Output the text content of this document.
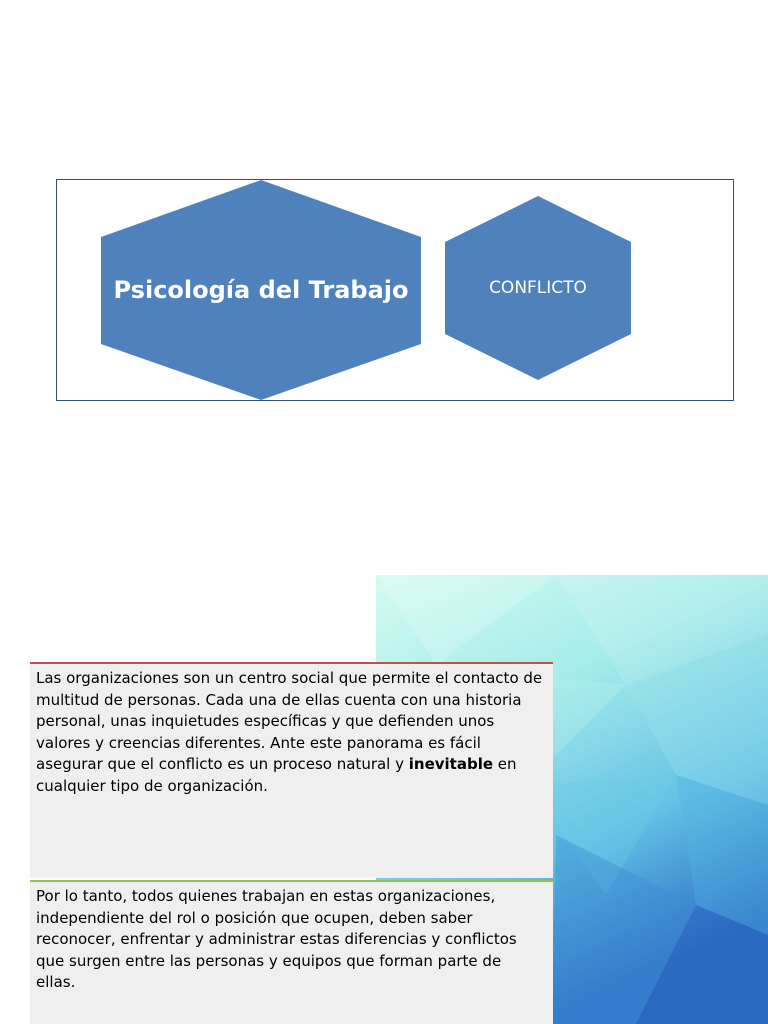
Psicología del Trabajo	CONFLICTO
Las organizaciones son un centro social que permite el contacto de multitud de personas. Cada una de ellas cuenta con una historia personal, unas inquietudes específicas y que defienden unos valores y creencias diferentes. Ante este panorama es fácil asegurar que el conflicto es un proceso natural y inevitable en cualquier tipo de organización.
Por lo tanto, todos quienes trabajan en estas organizaciones, independiente del rol o posición que ocupen, deben saber reconocer, enfrentar y administrar estas diferencias y conflictos que surgen entre las personas y equipos que forman parte de ellas.
